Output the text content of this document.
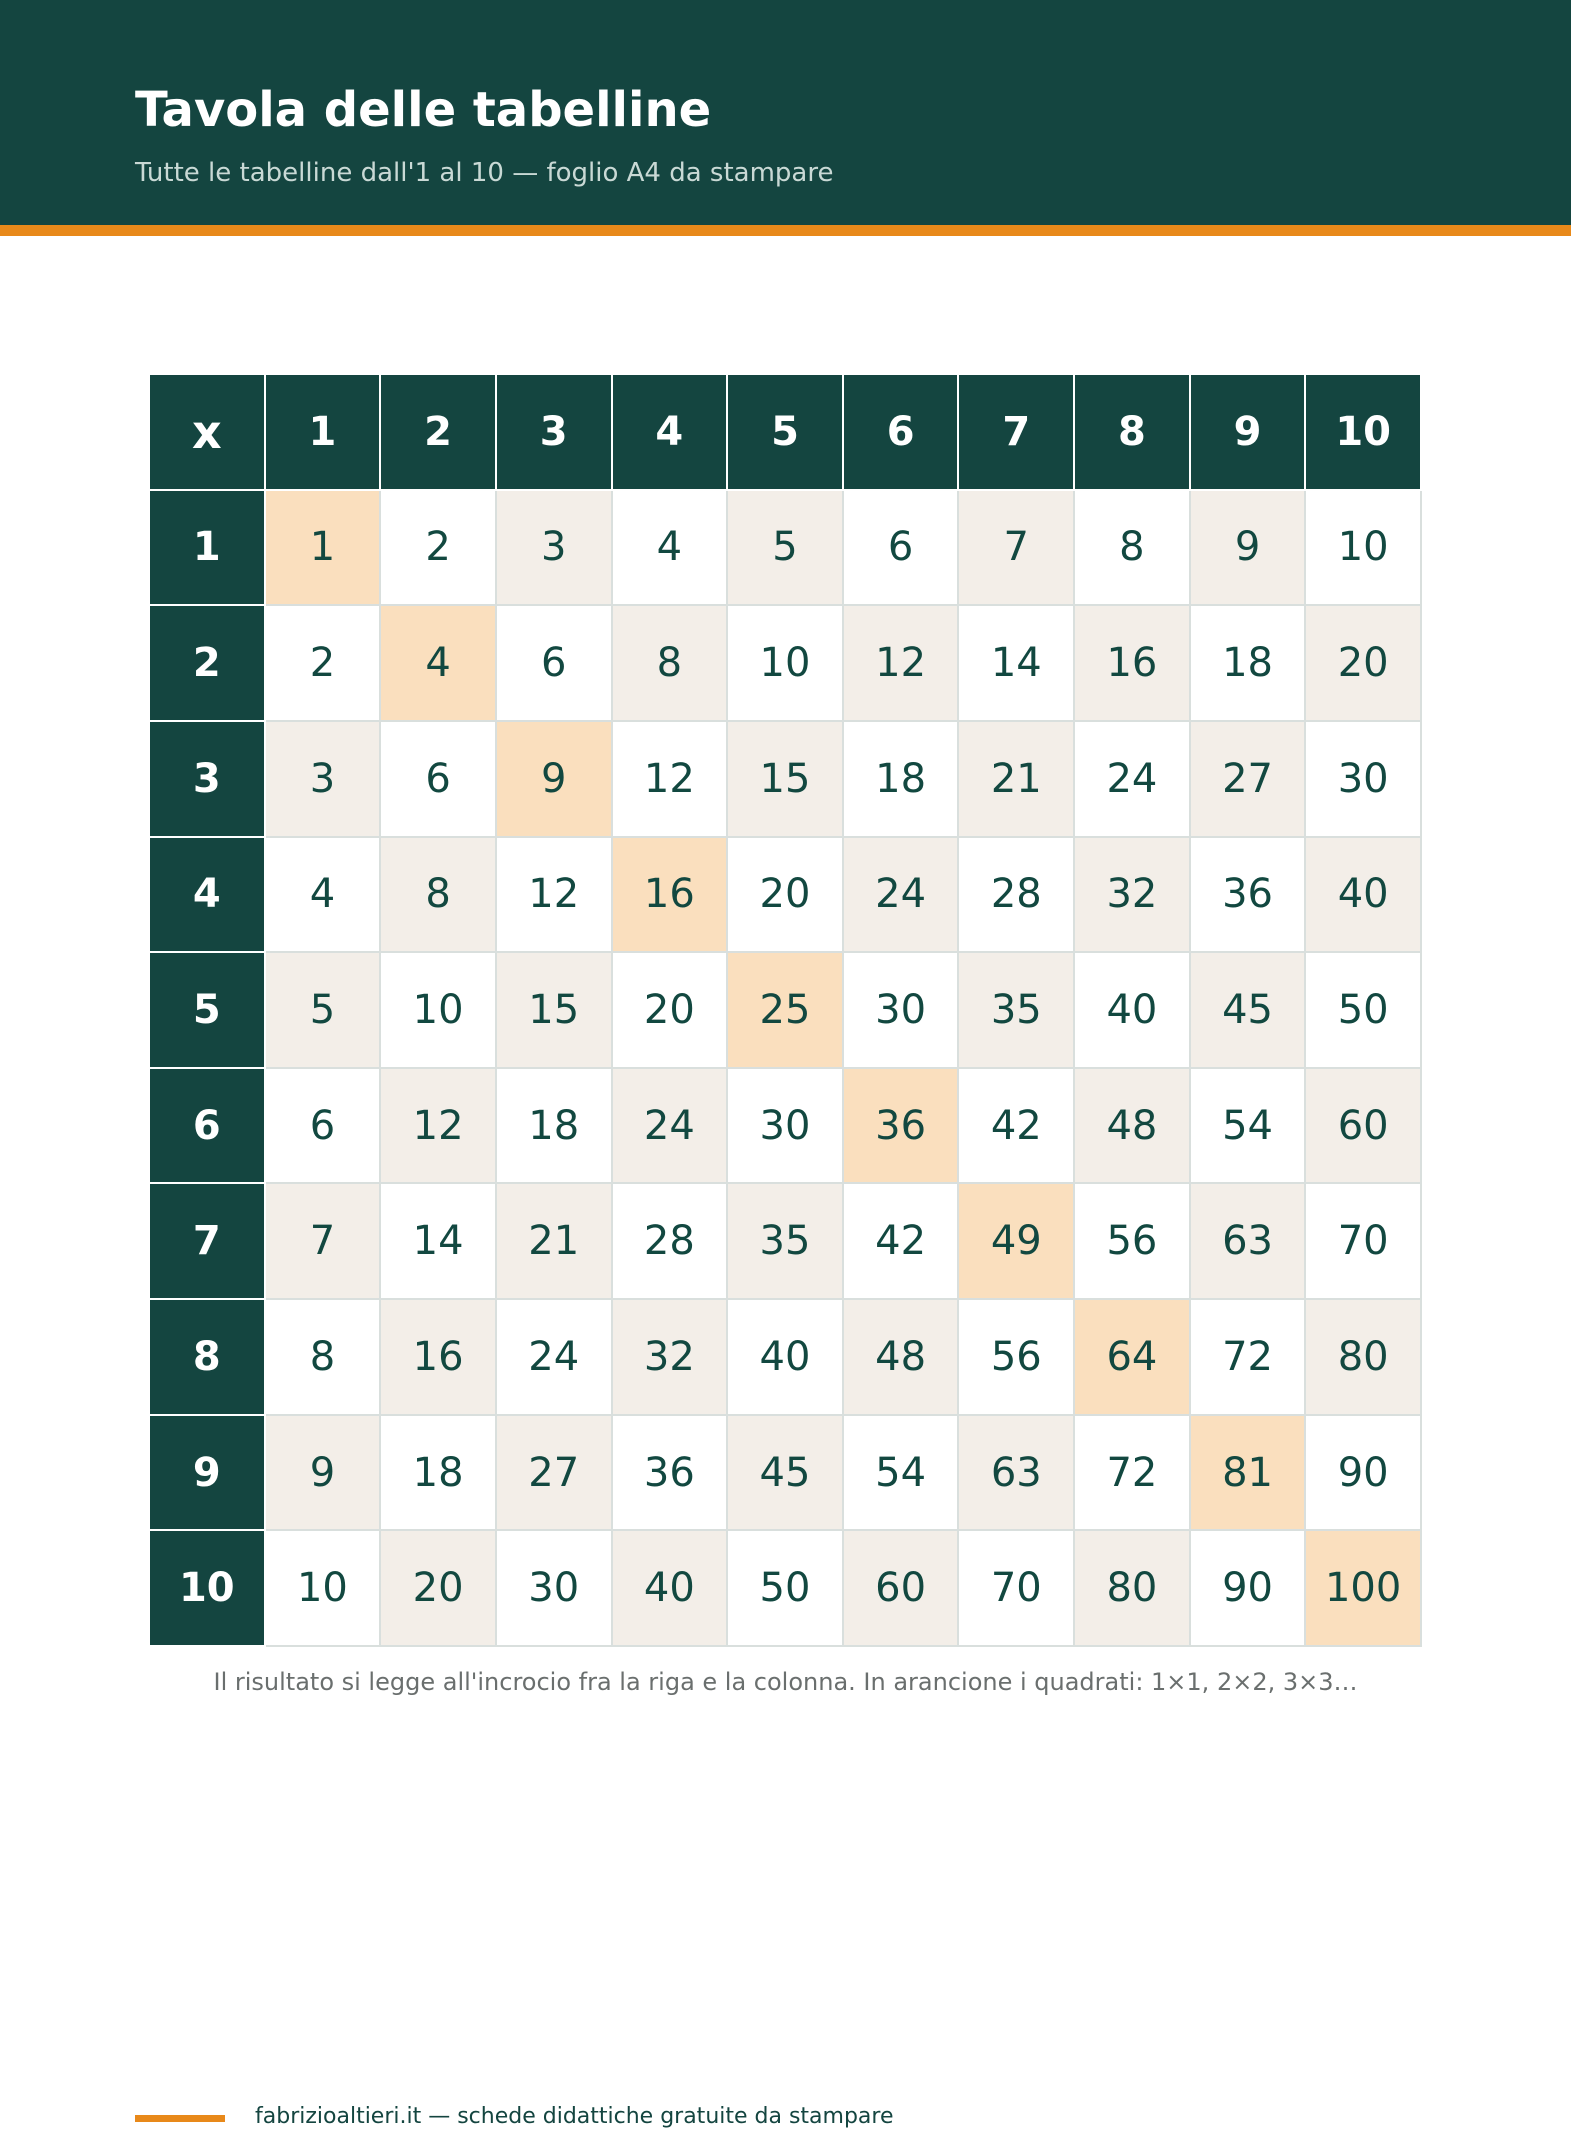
Tavola delle tabelline
Tutte le tabelline dall'1 al 10 — foglio A4 da stampare
x	1	2	3	4	5	6	7	8	9	10
1	1	2	3	4	5	6	7	8	9	10
2	2	4	6	8	10	12	14	16	18	20
3	3	6	9	12	15	18	21	24	27	30
4	4	8	12	16	20	24	28	32	36	40
5	5	10	15	20	25	30	35	40	45	50
6	6	12	18	24	30	36	42	48	54	60
7	7	14	21	28	35	42	49	56	63	70
8	8	16	24	32	40	48	56	64	72	80
9	9	18	27	36	45	54	63	72	81	90
10	10	20	30	40	50	60	70	80	90	100
Il risultato si legge all'incrocio fra la riga e la colonna. In arancione i quadrati: 1×1, 2×2, 3×3…
fabrizioaltieri.it — schede didattiche gratuite da stampare
